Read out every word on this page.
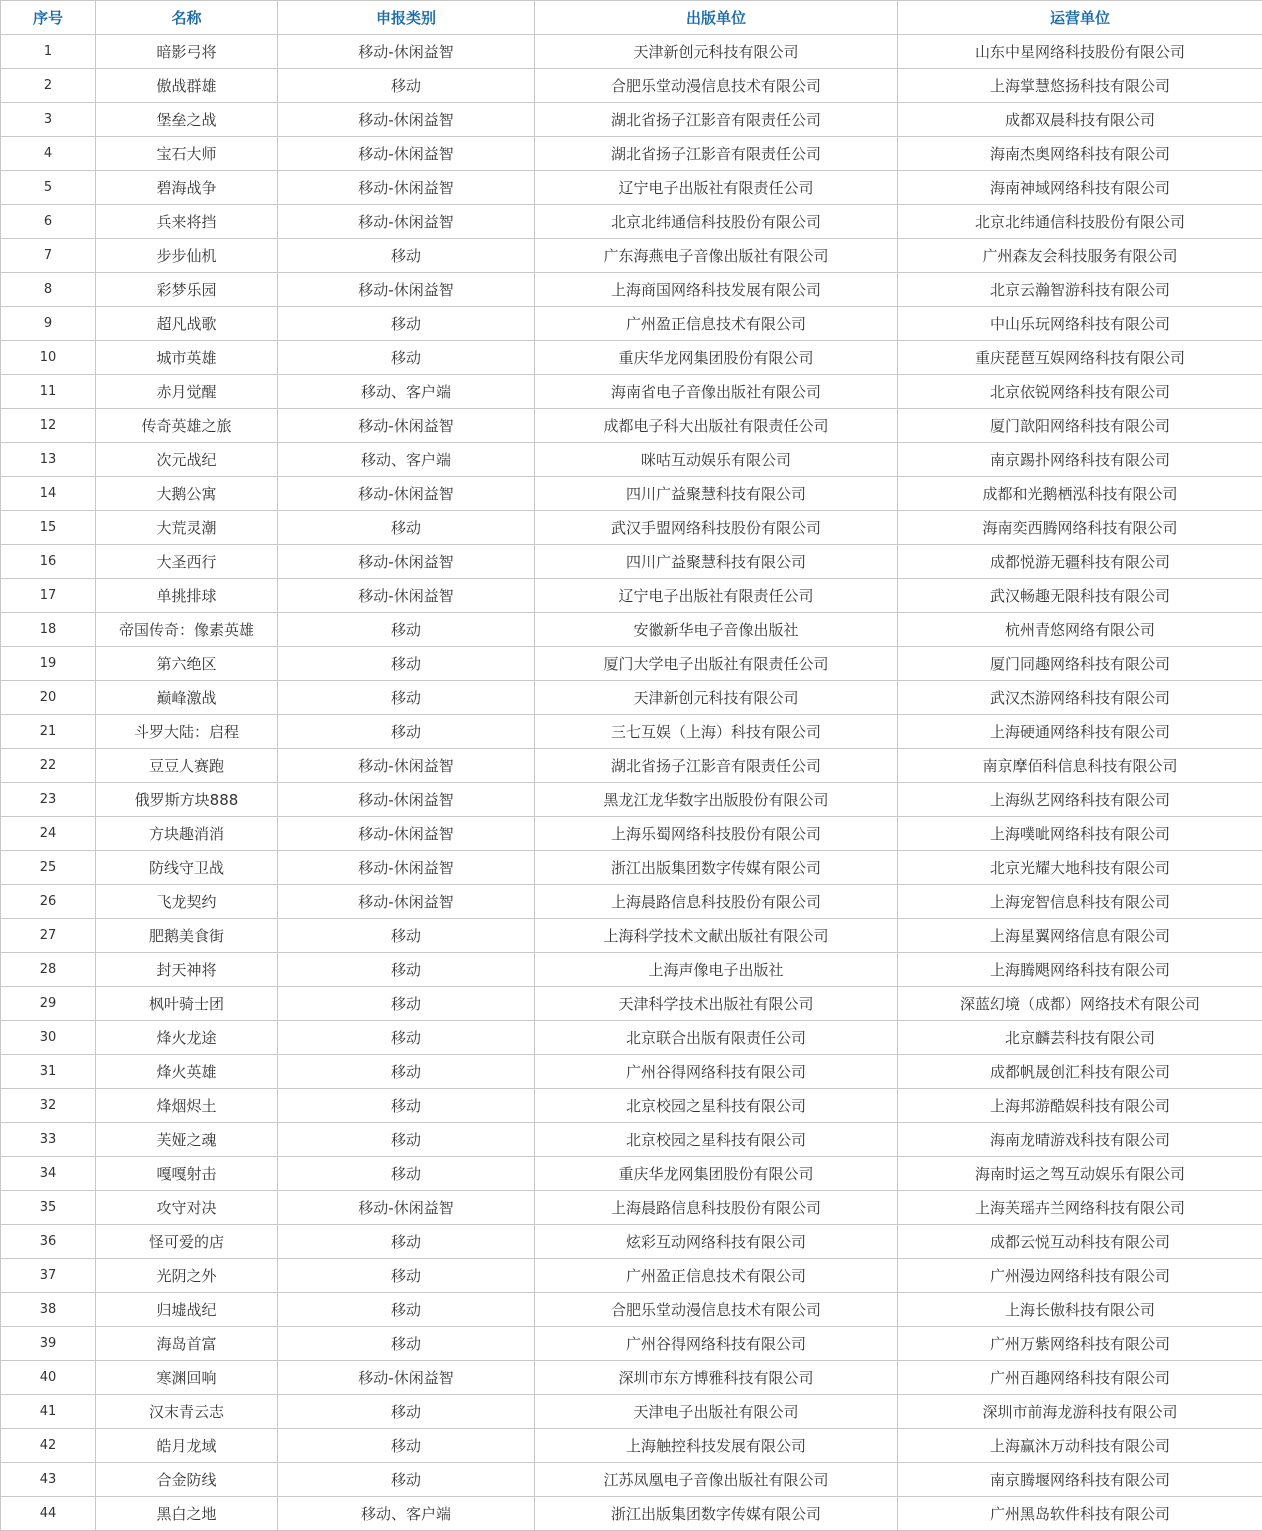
序号	名称	申报类别	出版单位	运营单位
1	暗影弓将	移动-休闲益智	天津新创元科技有限公司	山东中星网络科技股份有限公司
2	傲战群雄	移动	合肥乐堂动漫信息技术有限公司	上海掌慧悠扬科技有限公司
3	堡垒之战	移动-休闲益智	湖北省扬子江影音有限责任公司	成都双晨科技有限公司
4	宝石大师	移动-休闲益智	湖北省扬子江影音有限责任公司	海南杰奥网络科技有限公司
5	碧海战争	移动-休闲益智	辽宁电子出版社有限责任公司	海南神域网络科技有限公司
6	兵来将挡	移动-休闲益智	北京北纬通信科技股份有限公司	北京北纬通信科技股份有限公司
7	步步仙机	移动	广东海燕电子音像出版社有限公司	广州森友会科技服务有限公司
8	彩梦乐园	移动-休闲益智	上海商国网络科技发展有限公司	北京云瀚智游科技有限公司
9	超凡战歌	移动	广州盈正信息技术有限公司	中山乐玩网络科技有限公司
10	城市英雄	移动	重庆华龙网集团股份有限公司	重庆琵琶互娱网络科技有限公司
11	赤月觉醒	移动、客户端	海南省电子音像出版社有限公司	北京依锐网络科技有限公司
12	传奇英雄之旅	移动-休闲益智	成都电子科大出版社有限责任公司	厦门歆阳网络科技有限公司
13	次元战纪	移动、客户端	咪咕互动娱乐有限公司	南京踢扑网络科技有限公司
14	大鹅公寓	移动-休闲益智	四川广益聚慧科技有限公司	成都和光鹅栖泓科技有限公司
15	大荒灵潮	移动	武汉手盟网络科技股份有限公司	海南奕西腾网络科技有限公司
16	大圣西行	移动-休闲益智	四川广益聚慧科技有限公司	成都悦游无疆科技有限公司
17	单挑排球	移动-休闲益智	辽宁电子出版社有限责任公司	武汉畅趣无限科技有限公司
18	帝国传奇：像素英雄	移动	安徽新华电子音像出版社	杭州青悠网络有限公司
19	第六绝区	移动	厦门大学电子出版社有限责任公司	厦门同趣网络科技有限公司
20	巅峰激战	移动	天津新创元科技有限公司	武汉杰游网络科技有限公司
21	斗罗大陆：启程	移动	三七互娱（上海）科技有限公司	上海硬通网络科技有限公司
22	豆豆人赛跑	移动-休闲益智	湖北省扬子江影音有限责任公司	南京摩佰科信息科技有限公司
23	俄罗斯方块888	移动-休闲益智	黑龙江龙华数字出版股份有限公司	上海纵艺网络科技有限公司
24	方块趣消消	移动-休闲益智	上海乐蜀网络科技股份有限公司	上海噗呲网络科技有限公司
25	防线守卫战	移动-休闲益智	浙江出版集团数字传媒有限公司	北京光耀大地科技有限公司
26	飞龙契约	移动-休闲益智	上海晨路信息科技股份有限公司	上海宠智信息科技有限公司
27	肥鹅美食街	移动	上海科学技术文献出版社有限公司	上海星翼网络信息有限公司
28	封天神将	移动	上海声像电子出版社	上海腾飓网络科技有限公司
29	枫叶骑士团	移动	天津科学技术出版社有限公司	深蓝幻境（成都）网络技术有限公司
30	烽火龙途	移动	北京联合出版有限责任公司	北京麟芸科技有限公司
31	烽火英雄	移动	广州谷得网络科技有限公司	成都帆晟创汇科技有限公司
32	烽烟烬土	移动	北京校园之星科技有限公司	上海邦游酷娱科技有限公司
33	芙娅之魂	移动	北京校园之星科技有限公司	海南龙晴游戏科技有限公司
34	嘎嘎射击	移动	重庆华龙网集团股份有限公司	海南时运之驾互动娱乐有限公司
35	攻守对决	移动-休闲益智	上海晨路信息科技股份有限公司	上海芙瑶卉兰网络科技有限公司
36	怪可爱的店	移动	炫彩互动网络科技有限公司	成都云悦互动科技有限公司
37	光阴之外	移动	广州盈正信息技术有限公司	广州漫边网络科技有限公司
38	归墟战纪	移动	合肥乐堂动漫信息技术有限公司	上海长傲科技有限公司
39	海岛首富	移动	广州谷得网络科技有限公司	广州万紫网络科技有限公司
40	寒渊回响	移动-休闲益智	深圳市东方博雅科技有限公司	广州百趣网络科技有限公司
41	汉末青云志	移动	天津电子出版社有限公司	深圳市前海龙游科技有限公司
42	皓月龙域	移动	上海触控科技发展有限公司	上海赢沐万动科技有限公司
43	合金防线	移动	江苏凤凰电子音像出版社有限公司	南京腾堰网络科技有限公司
44	黑白之地	移动、客户端	浙江出版集团数字传媒有限公司	广州黑岛软件科技有限公司
